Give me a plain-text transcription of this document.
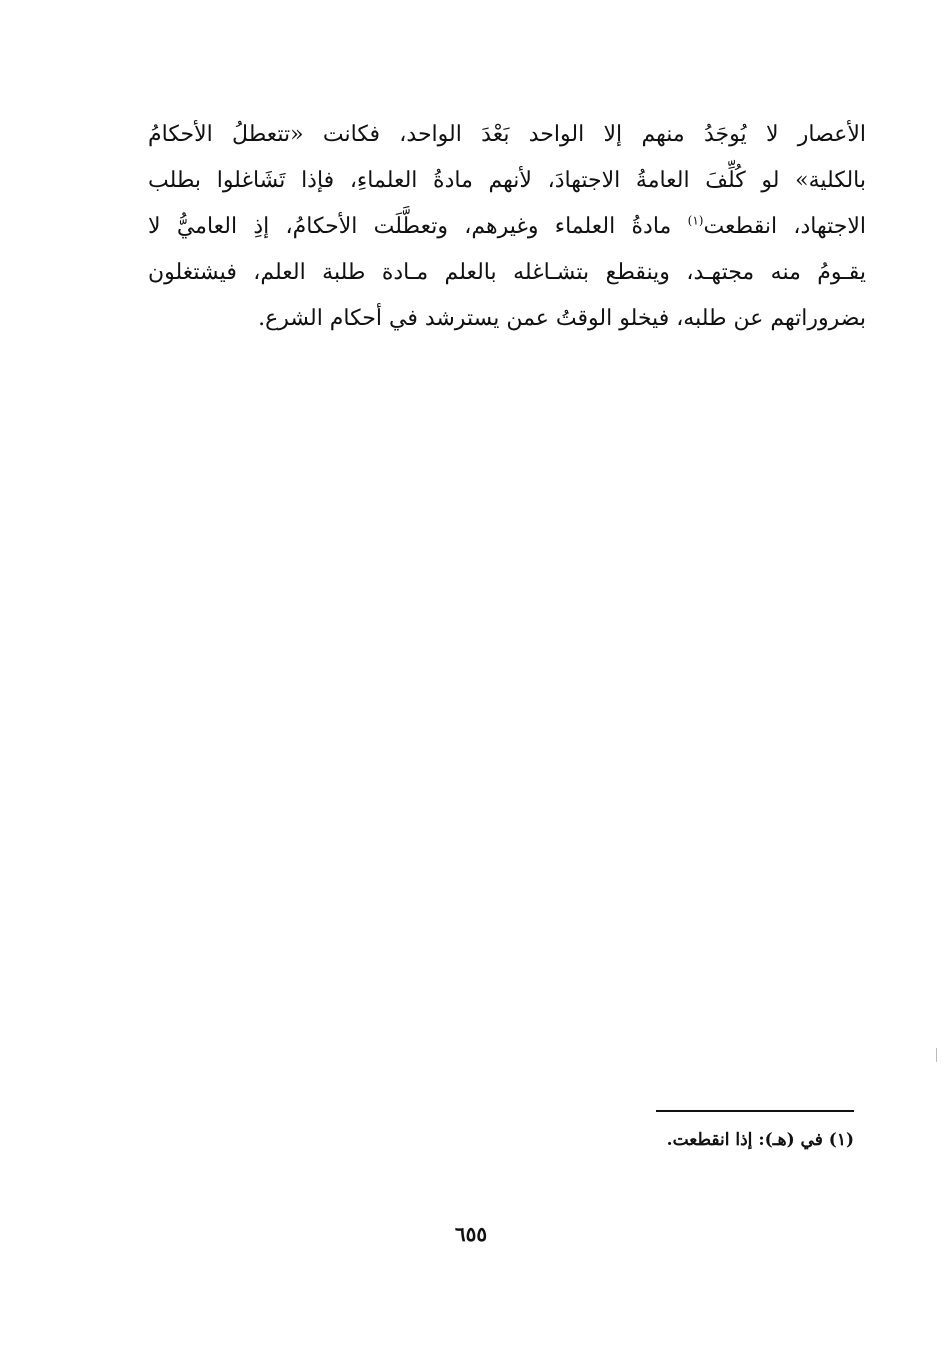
الأعصار لا يُوجَدُ منهم إلا الواحد بَعْدَ الواحد، فكانت «تتعطلُ الأحكامُ
بالكلية» لو كُلِّفَ العامةُ الاجتهادَ، لأنهم مادةُ العلماءِ، فإذا تَشَاغلوا بطلب
الاجتهاد، انقطعت$^{(١)}$ مادةُ العلماء وغيرهم، وتعطَّلَت الأحكامُ، إذِ العاميُّ لا
يقـومُ منه مجتهـد، وينقطع بتشـاغله بالعلم مـادة طلبة العلم، فيشتغلون
بضروراتهم عن طلبه، فيخلو الوقتُ عمن يسترشد في أحكام الشرع.
(١) في (هـ): إذا انقطعت.
٦٥٥
